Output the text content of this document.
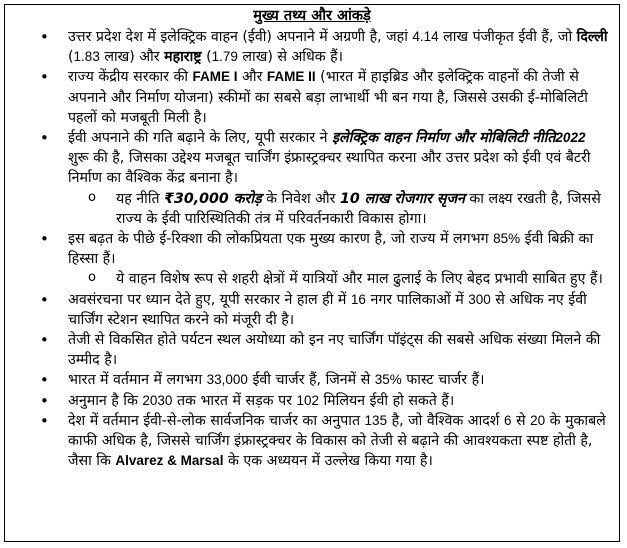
मुख्य तथ्य और आंकड़े
• उत्तर प्रदेश देश में इलेक्ट्रिक वाहन (ईवी) अपनाने में अग्रणी है, जहां 4.14 लाख पंजीकृत ईवी हैं, जो दिल्ली (1.83 लाख) और महाराष्ट्र (1.79 लाख) से अधिक हैं।
• राज्य केंद्रीय सरकार की FAME I और FAME II (भारत में हाइब्रिड और इलेक्ट्रिक वाहनों की तेजी से अपनाने और निर्माण योजना) स्कीमों का सबसे बड़ा लाभार्थी भी बन गया है, जिससे उसकी ई-मोबिलिटी पहलों को मजबूती मिली है।
• ईवी अपनाने की गति बढ़ाने के लिए, यूपी सरकार ने इलेक्ट्रिक वाहन निर्माण और मोबिलिटी नीति2022 शुरू की है, जिसका उद्देश्य मजबूत चार्जिंग इंफ्रास्ट्रक्चर स्थापित करना और उत्तर प्रदेश को ईवी एवं बैटरी निर्माण का वैश्विक केंद्र बनाना है।
o यह नीति ₹30,000 करोड़ के निवेश और 10 लाख रोजगार सृजन का लक्ष्य रखती है, जिससे राज्य के ईवी पारिस्थितिकी तंत्र में परिवर्तनकारी विकास होगा।
• इस बढ़त के पीछे ई-रिक्शा की लोकप्रियता एक मुख्य कारण है, जो राज्य में लगभग 85% ईवी बिक्री का हिस्सा हैं।
o ये वाहन विशेष रूप से शहरी क्षेत्रों में यात्रियों और माल ढुलाई के लिए बेहद प्रभावी साबित हुए हैं।
• अवसंरचना पर ध्यान देते हुए, यूपी सरकार ने हाल ही में 16 नगर पालिकाओं में 300 से अधिक नए ईवी चार्जिंग स्टेशन स्थापित करने को मंजूरी दी है।
• तेजी से विकसित होते पर्यटन स्थल अयोध्या को इन नए चार्जिंग पॉइंट्स की सबसे अधिक संख्या मिलने की उम्मीद है।
• भारत में वर्तमान में लगभग 33,000 ईवी चार्जर हैं, जिनमें से 35% फास्ट चार्जर हैं।
• अनुमान है कि 2030 तक भारत में सड़क पर 102 मिलियन ईवी हो सकते हैं।
• देश में वर्तमान ईवी-से-लोक सार्वजनिक चार्जर का अनुपात 135 है, जो वैश्विक आदर्श 6 से 20 के मुकाबले काफी अधिक है, जिससे चार्जिंग इंफ्रास्ट्रक्चर के विकास को तेजी से बढ़ाने की आवश्यकता स्पष्ट होती है, जैसा कि Alvarez & Marsal के एक अध्ययन में उल्लेख किया गया है।
